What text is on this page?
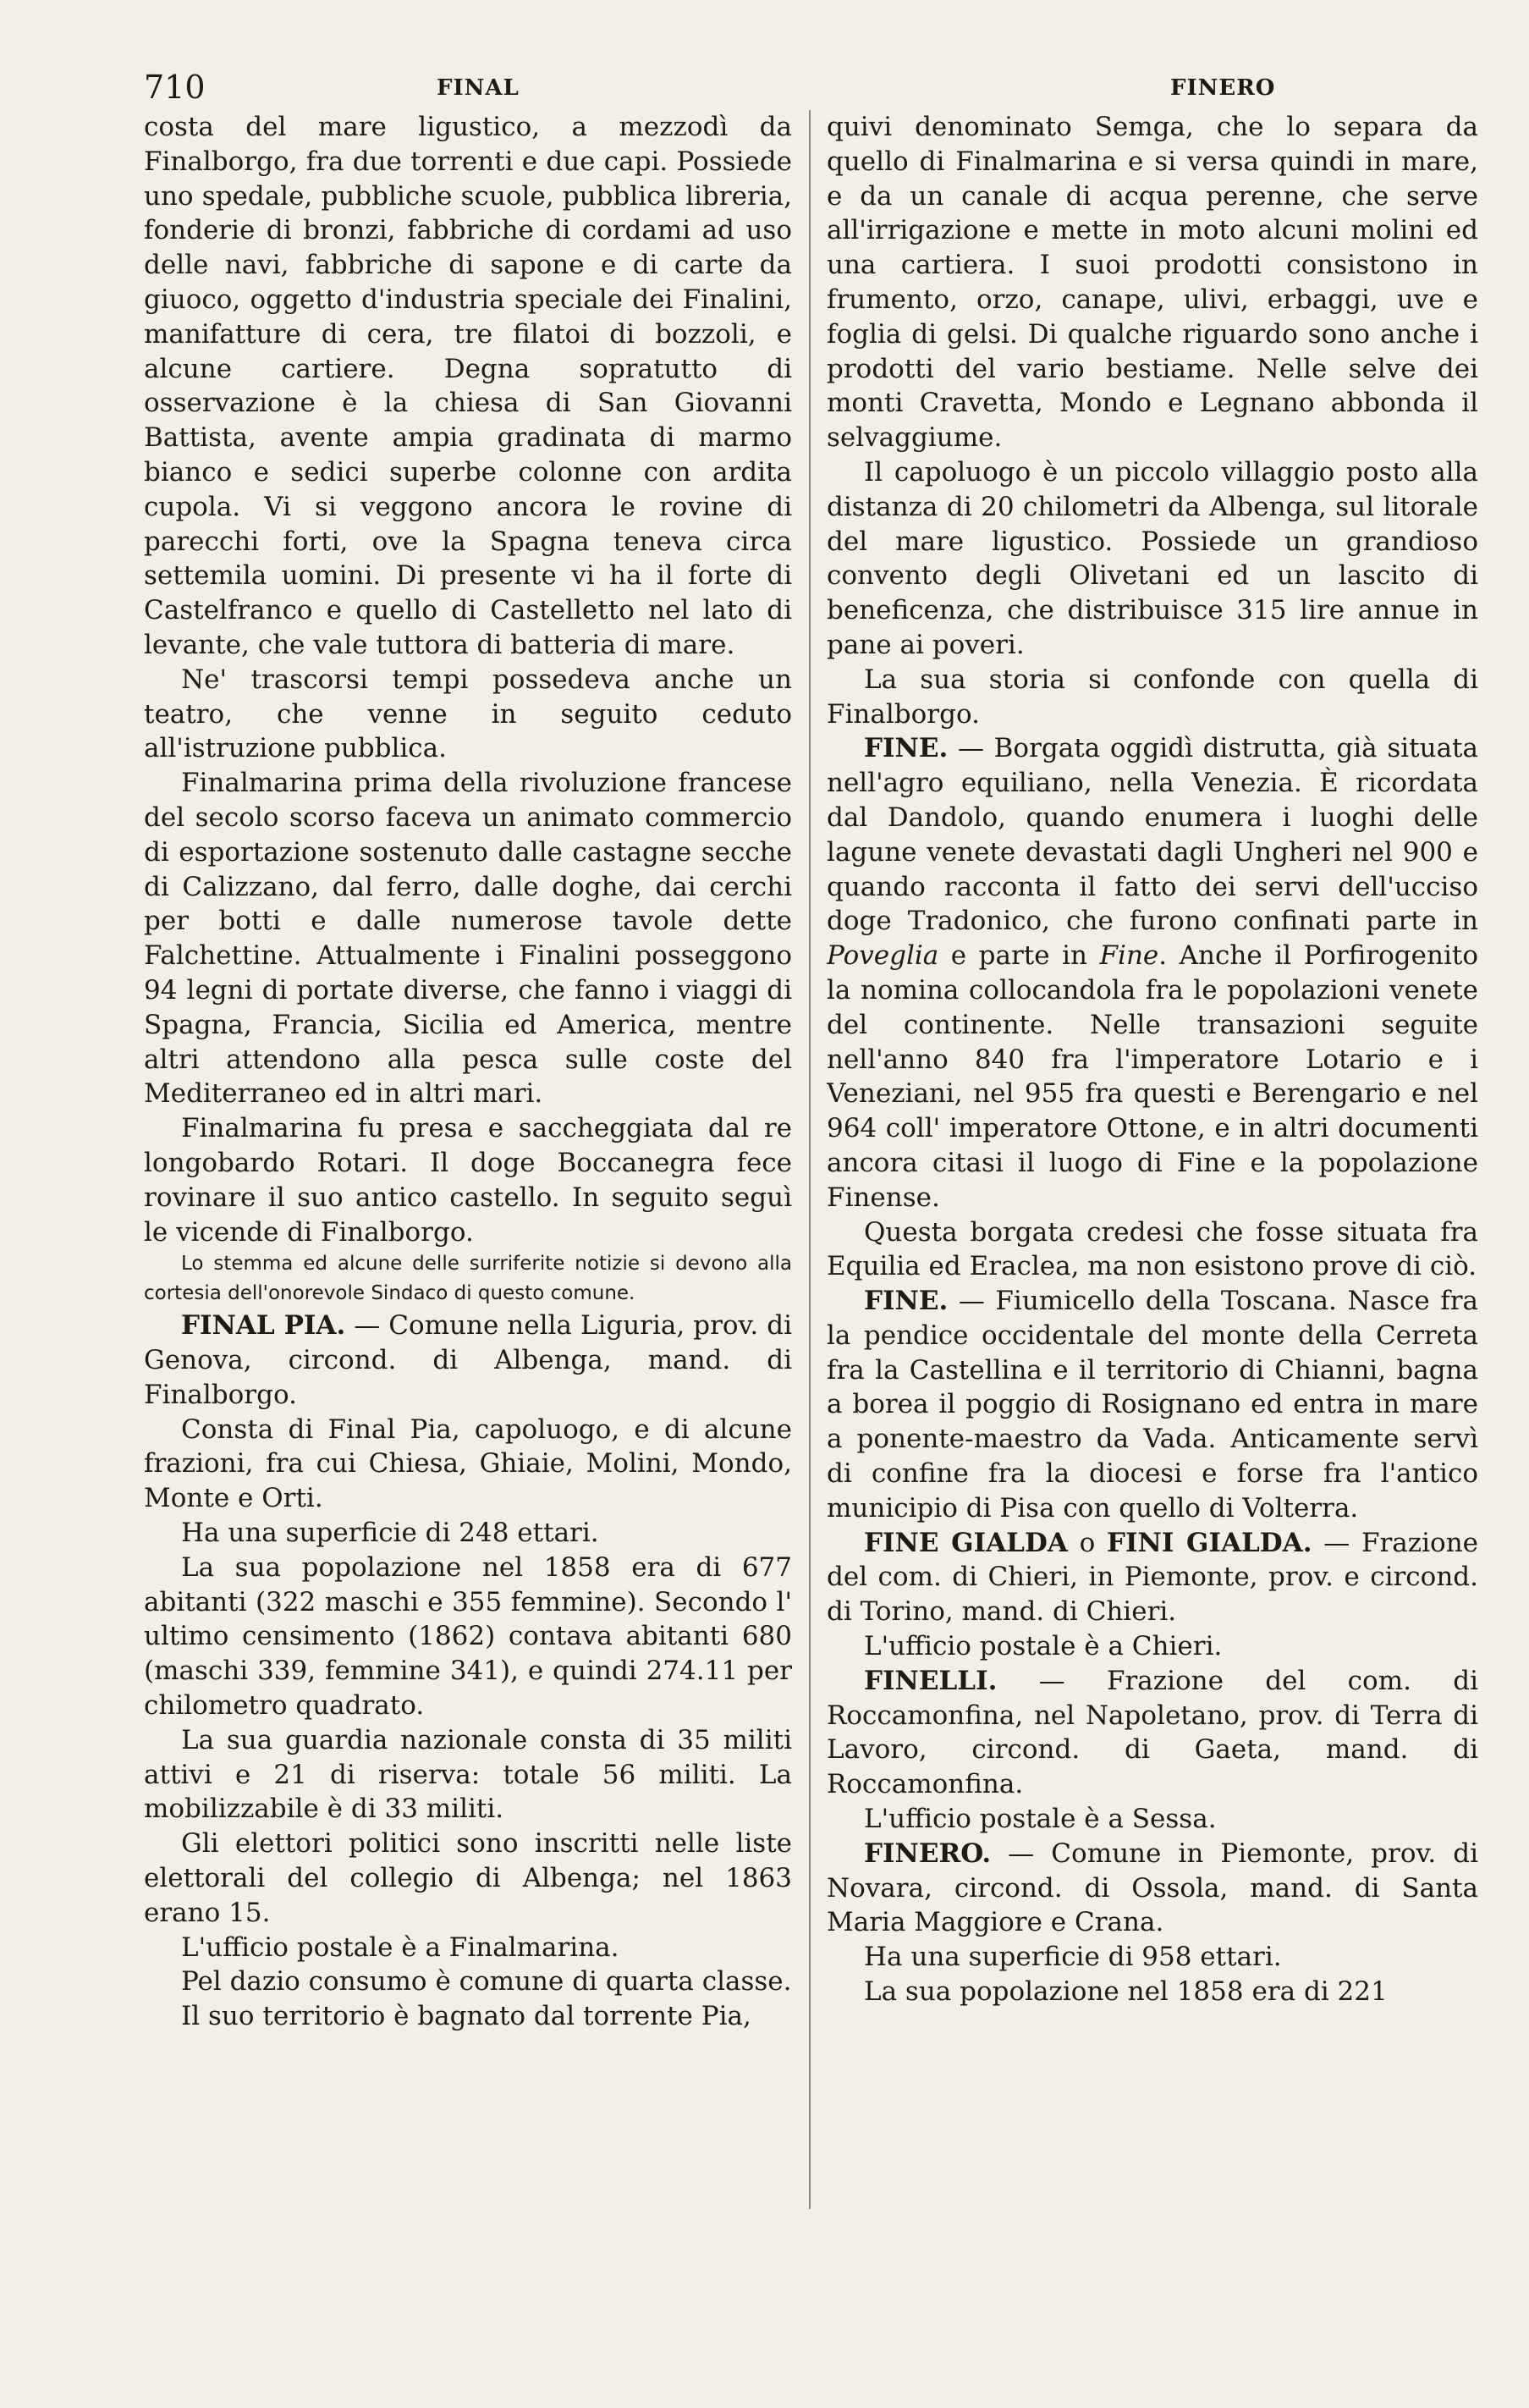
710	FINAL	FINERO

costa del mare ligustico, a mezzodì da Finalborgo, fra due torrenti e due capi. Possiede uno spedale, pubbliche scuole, pubblica libreria, fonderie di bronzi, fabbriche di cordami ad uso delle navi, fabbriche di sapone e di carte da giuoco, oggetto d'industria speciale dei Finalini, manifatture di cera, tre filatoi di bozzoli, e alcune cartiere. Degna sopratutto di osservazione è la chiesa di San Giovanni Battista, avente ampia gradinata di marmo bianco e sedici superbe colonne con ardita cupola. Vi si veggono ancora le rovine di parecchi forti, ove la Spagna teneva circa settemila uomini. Di presente vi ha il forte di Castelfranco e quello di Castelletto nel lato di levante, che vale tuttora di batteria di mare.

Ne' trascorsi tempi possedeva anche un teatro, che venne in seguito ceduto all'istruzione pubblica.

Finalmarina prima della rivoluzione francese del secolo scorso faceva un animato commercio di esportazione sostenuto dalle castagne secche di Calizzano, dal ferro, dalle doghe, dai cerchi per botti e dalle numerose tavole dette Falchettine. Attualmente i Finalini posseggono 94 legni di portate diverse, che fanno i viaggi di Spagna, Francia, Sicilia ed America, mentre altri attendono alla pesca sulle coste del Mediterraneo ed in altri mari.

Finalmarina fu presa e saccheggiata dal re longobardo Rotari. Il doge Boccanegra fece rovinare il suo antico castello. In seguito seguì le vicende di Finalborgo.

Lo stemma ed alcune delle surriferite notizie si devono alla cortesia dell'onorevole Sindaco di questo comune.

FINAL PIA. — Comune nella Liguria, prov. di Genova, circond. di Albenga, mand. di Finalborgo.

Consta di Final Pia, capoluogo, e di alcune frazioni, fra cui Chiesa, Ghiaie, Molini, Mondo, Monte e Orti.

Ha una superficie di 248 ettari.

La sua popolazione nel 1858 era di 677 abitanti (322 maschi e 355 femmine). Secondo l' ultimo censimento (1862) contava abitanti 680 (maschi 339, femmine 341), e quindi 274.11 per chilometro quadrato.

La sua guardia nazionale consta di 35 militi attivi e 21 di riserva: totale 56 militi. La mobilizzabile è di 33 militi.

Gli elettori politici sono inscritti nelle liste elettorali del collegio di Albenga; nel 1863 erano 15.

L'ufficio postale è a Finalmarina.

Pel dazio consumo è comune di quarta classe.

Il suo territorio è bagnato dal torrente Pia,

quivi denominato Semga, che lo separa da quello di Finalmarina e si versa quindi in mare, e da un canale di acqua perenne, che serve all'irrigazione e mette in moto alcuni molini ed una cartiera. I suoi prodotti consistono in frumento, orzo, canape, ulivi, erbaggi, uve e foglia di gelsi. Di qualche riguardo sono anche i prodotti del vario bestiame. Nelle selve dei monti Cravetta, Mondo e Legnano abbonda il selvaggiume.

Il capoluogo è un piccolo villaggio posto alla distanza di 20 chilometri da Albenga, sul litorale del mare ligustico. Possiede un grandioso convento degli Olivetani ed un lascito di beneficenza, che distribuisce 315 lire annue in pane ai poveri.

La sua storia si confonde con quella di Finalborgo.

FINE. — Borgata oggidì distrutta, già situata nell'agro equiliano, nella Venezia. È ricordata dal Dandolo, quando enumera i luoghi delle lagune venete devastati dagli Ungheri nel 900 e quando racconta il fatto dei servi dell'ucciso doge Tradonico, che furono confinati parte in Poveglia e parte in Fine. Anche il Porfirogenito la nomina collocandola fra le popolazioni venete del continente. Nelle transazioni seguite nell'anno 840 fra l'imperatore Lotario e i Veneziani, nel 955 fra questi e Berengario e nel 964 coll' imperatore Ottone, e in altri documenti ancora citasi il luogo di Fine e la popolazione Finense.

Questa borgata credesi che fosse situata fra Equilia ed Eraclea, ma non esistono prove di ciò.

FINE. — Fiumicello della Toscana. Nasce fra la pendice occidentale del monte della Cerreta fra la Castellina e il territorio di Chianni, bagna a borea il poggio di Rosignano ed entra in mare a ponente-maestro da Vada. Anticamente servì di confine fra la diocesi e forse fra l'antico municipio di Pisa con quello di Volterra.

FINE GIALDA o FINI GIALDA. — Frazione del com. di Chieri, in Piemonte, prov. e circond. di Torino, mand. di Chieri.

L'ufficio postale è a Chieri.

FINELLI. — Frazione del com. di Roccamonfina, nel Napoletano, prov. di Terra di Lavoro, circond. di Gaeta, mand. di Roccamonfina.

L'ufficio postale è a Sessa.

FINERO. — Comune in Piemonte, prov. di Novara, circond. di Ossola, mand. di Santa Maria Maggiore e Crana.

Ha una superficie di 958 ettari.

La sua popolazione nel 1858 era di 221
